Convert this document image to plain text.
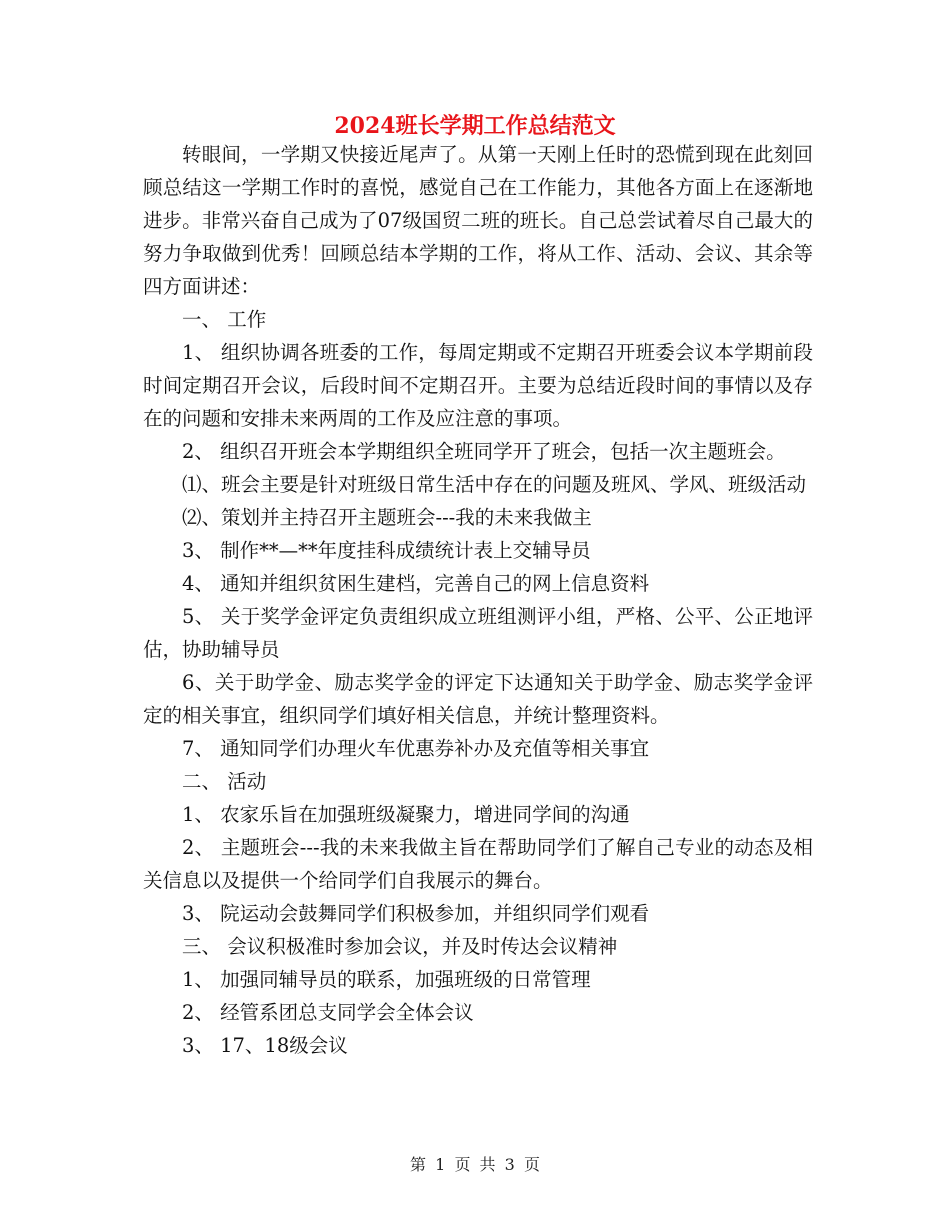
2024班长学期工作总结范文

转眼间，一学期又快接近尾声了。从第一天刚上任时的恐慌到现在此刻回顾总结这一学期工作时的喜悦，感觉自己在工作能力，其他各方面上在逐渐地进步。非常兴奋自己成为了07级国贸二班的班长。自己总尝试着尽自己最大的努力争取做到优秀！回顾总结本学期的工作，将从工作、活动、会议、其余等四方面讲述：

一、 工作

1、 组织协调各班委的工作，每周定期或不定期召开班委会议本学期前段时间定期召开会议，后段时间不定期召开。主要为总结近段时间的事情以及存在的问题和安排未来两周的工作及应注意的事项。

2、 组织召开班会本学期组织全班同学开了班会，包括一次主题班会。

⑴、班会主要是针对班级日常生活中存在的问题及班风、学风、班级活动

⑵、策划并主持召开主题班会---我的未来我做主

3、 制作**—**年度挂科成绩统计表上交辅导员

4、 通知并组织贫困生建档，完善自己的网上信息资料

5、 关于奖学金评定负责组织成立班组测评小组，严格、公平、公正地评估，协助辅导员

6、关于助学金、励志奖学金的评定下达通知关于助学金、励志奖学金评定的相关事宜，组织同学们填好相关信息，并统计整理资料。

7、 通知同学们办理火车优惠券补办及充值等相关事宜

二、 活动

1、 农家乐旨在加强班级凝聚力，增进同学间的沟通

2、 主题班会---我的未来我做主旨在帮助同学们了解自己专业的动态及相关信息以及提供一个给同学们自我展示的舞台。

3、 院运动会鼓舞同学们积极参加，并组织同学们观看

三、 会议积极准时参加会议，并及时传达会议精神

1、 加强同辅导员的联系，加强班级的日常管理

2、 经管系团总支同学会全体会议

3、 17、18级会议

第 1 页 共 3 页
